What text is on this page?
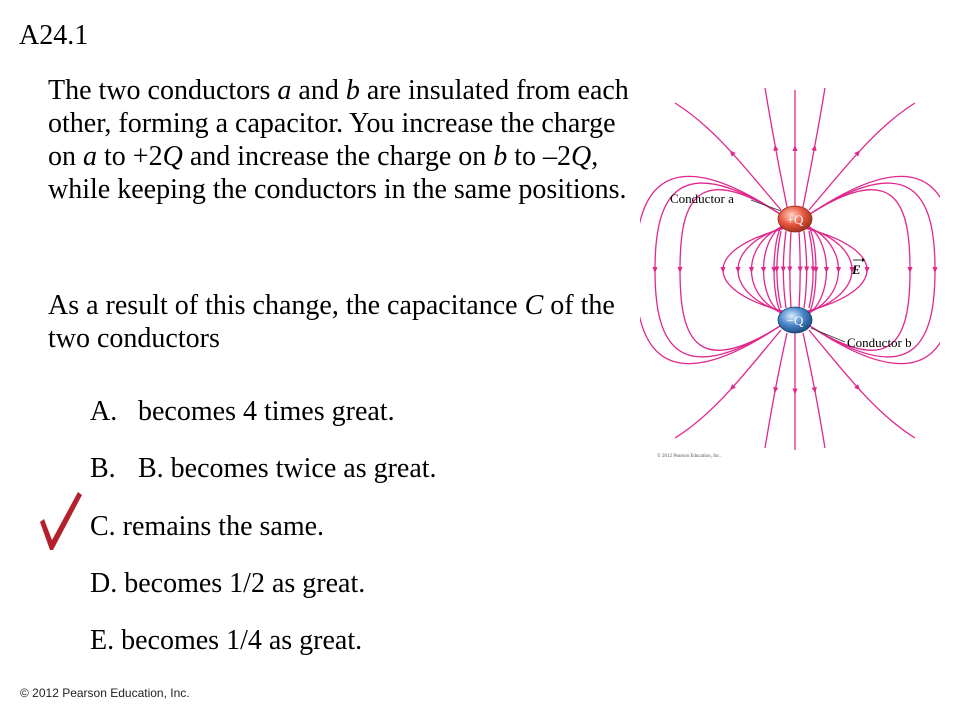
A24.1

The two conductors a and b are insulated from each other, forming a capacitor. You increase the charge on a to +2Q and increase the charge on b to –2Q, while keeping the conductors in the same positions.

As a result of this change, the capacitance C of the two conductors

A. becomes 4 times great.
B. B. becomes twice as great.
C. remains the same.
D. becomes 1/2 as great.
E. becomes 1/4 as great.
© 2012 Pearson Education, Inc.
Conductor a
Conductor b
E
+Q
−Q
© 2012 Pearson Education, Inc.
